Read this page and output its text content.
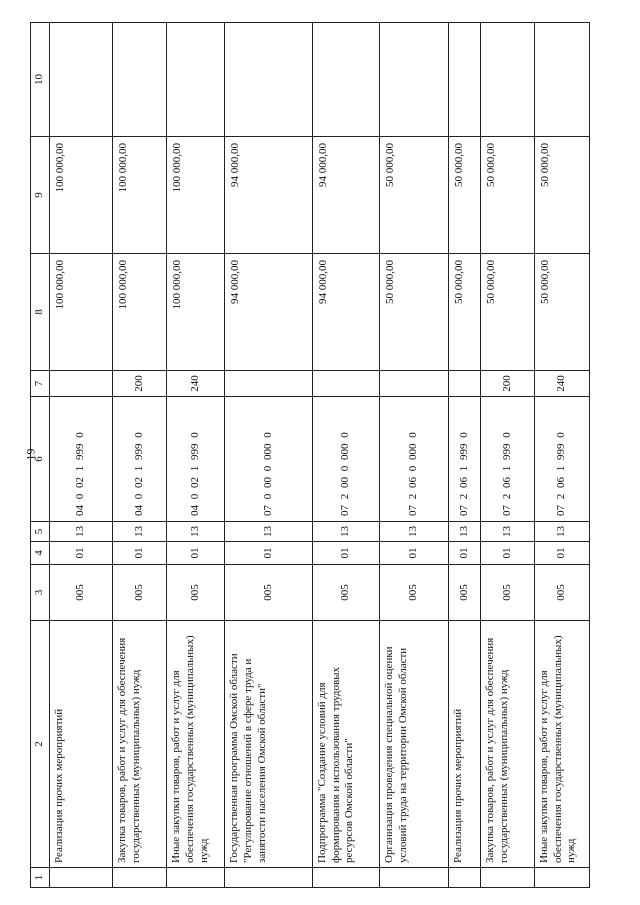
19
1	2	3	4	5	6	7	8	9	10
	Реализация прочих мероприятий	005	01	13	04 0 02 1 999 0		100 000,00	100 000,00	
	Закупка товаров, работ и услуг для обеспечения государственных (муниципальных) нужд	005	01	13	04 0 02 1 999 0	200	100 000,00	100 000,00	
	Иные закупки товаров, работ и услуг для обеспечения государственных (муниципальных) нужд	005	01	13	04 0 02 1 999 0	240	100 000,00	100 000,00	
	Государственная программа Омской области "Регулирование отношений в сфере труда и занятости населения Омской области"	005	01	13	07 0 00 0 000 0		94 000,00	94 000,00	
	Подпрограмма "Создание условий для формирования и использования трудовых ресурсов Омской области"	005	01	13	07 2 00 0 000 0		94 000,00	94 000,00	
	Организация проведения специальной оценки условий труда на территории Омской области	005	01	13	07 2 06 0 000 0		50 000,00	50 000,00	
	Реализация прочих мероприятий	005	01	13	07 2 06 1 999 0		50 000,00	50 000,00	
	Закупка товаров, работ и услуг для обеспечения государственных (муниципальных) нужд	005	01	13	07 2 06 1 999 0	200	50 000,00	50 000,00	
	Иные закупки товаров, работ и услуг для обеспечения государственных (муниципальных) нужд	005	01	13	07 2 06 1 999 0	240	50 000,00	50 000,00	
